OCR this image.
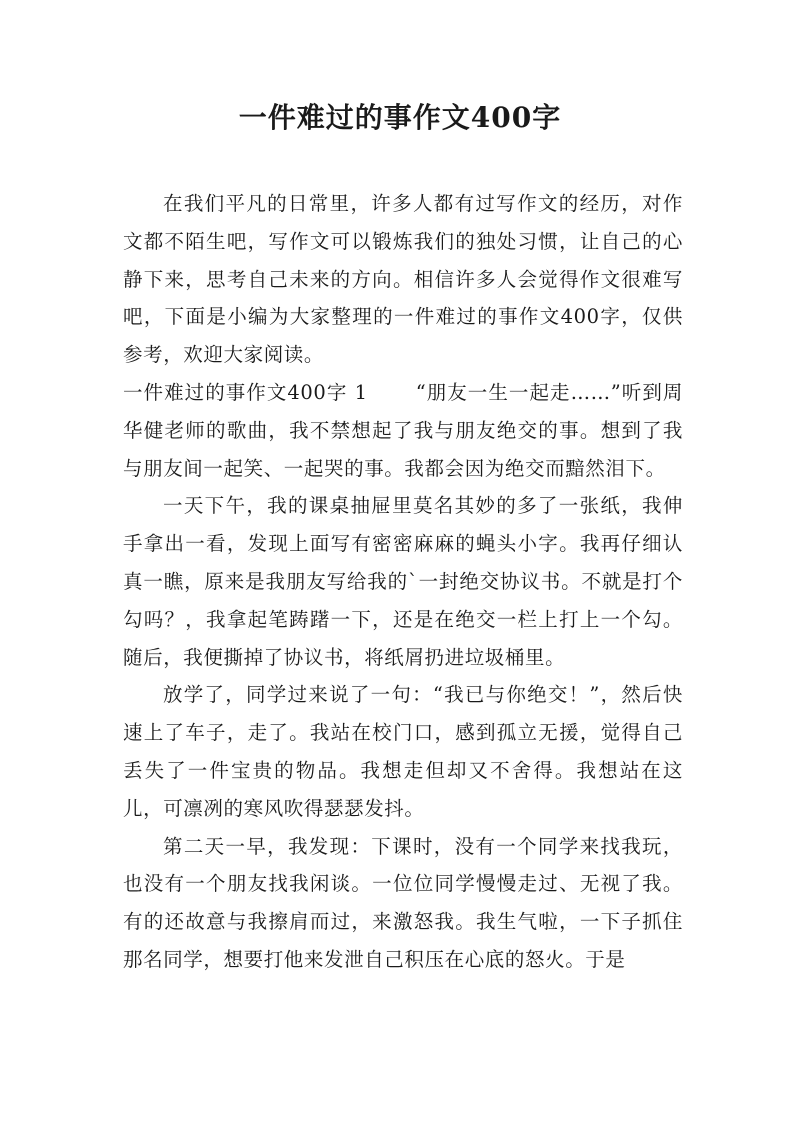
一件难过的事作文400字

在我们平凡的日常里，许多人都有过写作文的经历，对作文都不陌生吧，写作文可以锻炼我们的独处习惯，让自己的心静下来，思考自己未来的方向。相信许多人会觉得作文很难写吧，下面是小编为大家整理的一件难过的事作文400字，仅供参考，欢迎大家阅读。

一件难过的事作文400字 1 “朋友一生一起走……”听到周华健老师的歌曲，我不禁想起了我与朋友绝交的事。想到了我与朋友间一起笑、一起哭的事。我都会因为绝交而黯然泪下。

一天下午，我的课桌抽屉里莫名其妙的多了一张纸，我伸手拿出一看，发现上面写有密密麻麻的蝇头小字。我再仔细认真一瞧，原来是我朋友写给我的`一封绝交协议书。不就是打个勾吗？，我拿起笔踌躇一下，还是在绝交一栏上打上一个勾。随后，我便撕掉了协议书，将纸屑扔进垃圾桶里。

放学了，同学过来说了一句：“我已与你绝交！”，然后快速上了车子，走了。我站在校门口，感到孤立无援，觉得自己丢失了一件宝贵的物品。我想走但却又不舍得。我想站在这儿，可凛冽的寒风吹得瑟瑟发抖。

第二天一早，我发现：下课时，没有一个同学来找我玩，也没有一个朋友找我闲谈。一位位同学慢慢走过、无视了我。有的还故意与我擦肩而过，来激怒我。我生气啦，一下子抓住那名同学，想要打他来发泄自己积压在心底的怒火。于是
